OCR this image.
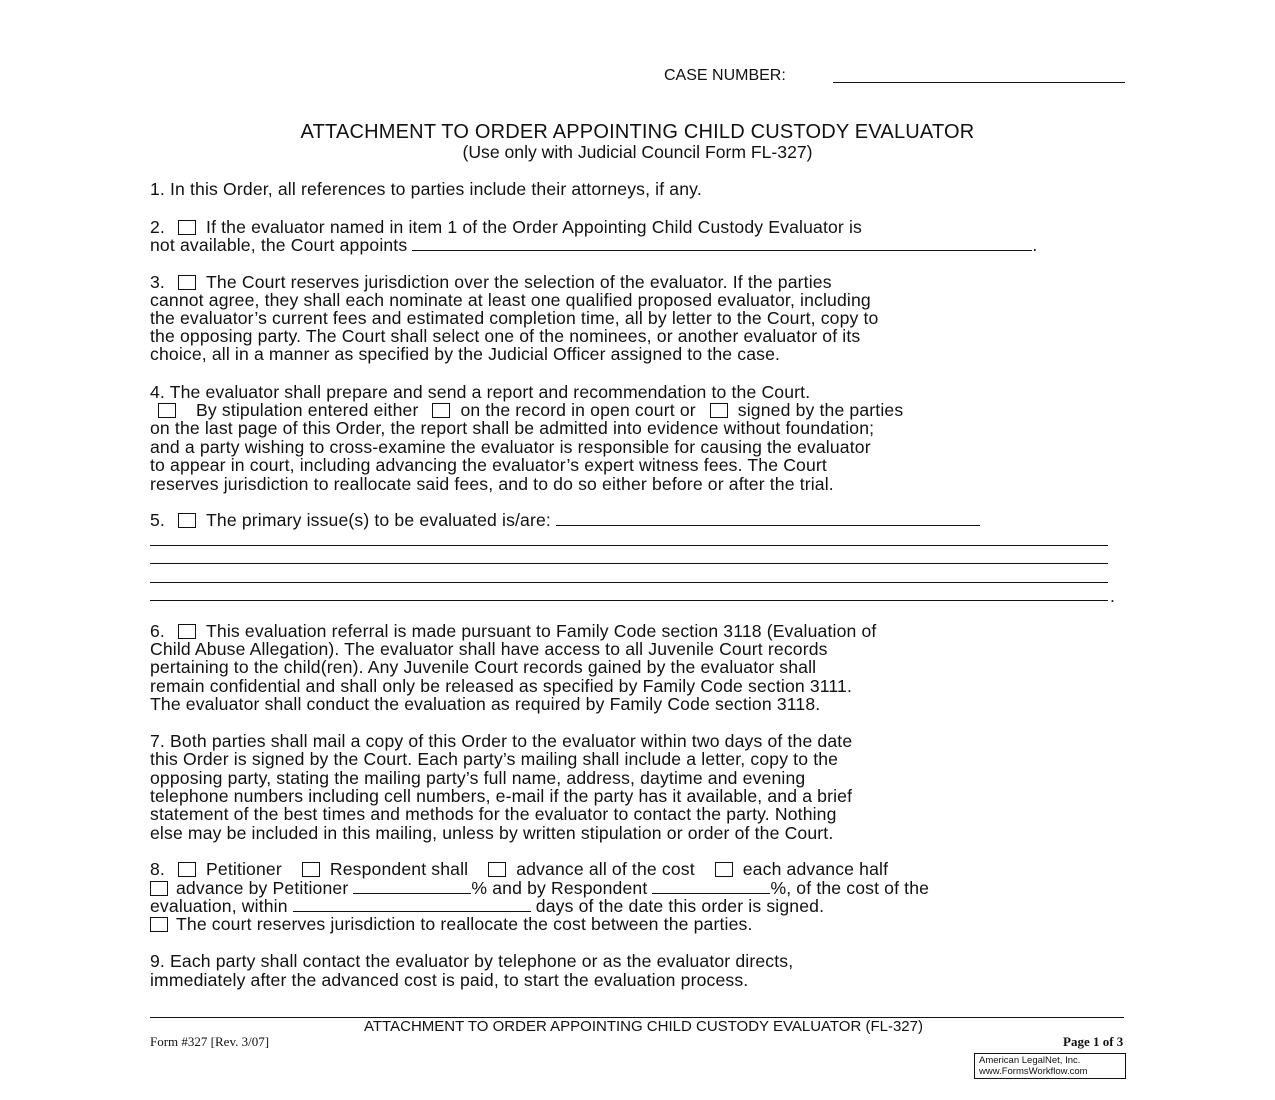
CASE NUMBER:
ATTACHMENT TO ORDER APPOINTING CHILD CUSTODY EVALUATOR
(Use only with Judicial Council Form FL-327)
1. In this Order, all references to parties include their attorneys, if any.
2. If the evaluator named in item 1 of the Order Appointing Child Custody Evaluator is
not available, the Court appoints	.
3. The Court reserves jurisdiction over the selection of the evaluator. If the parties
cannot agree, they shall each nominate at least one qualified proposed evaluator, including
the evaluator’s current fees and estimated completion time, all by letter to the Court, copy to
the opposing party. The Court shall select one of the nominees, or another evaluator of its
choice, all in a manner as specified by the Judicial Officer assigned to the case.
4. The evaluator shall prepare and send a report and recommendation to the Court.
By stipulation entered either on the record in open court or signed by the parties
on the last page of this Order, the report shall be admitted into evidence without foundation;
and a party wishing to cross-examine the evaluator is responsible for causing the evaluator
to appear in court, including advancing the evaluator’s expert witness fees. The Court
reserves jurisdiction to reallocate said fees, and to do so either before or after the trial.
5. The primary issue(s) to be evaluated is/are:
.
6. This evaluation referral is made pursuant to Family Code section 3118 (Evaluation of
Child Abuse Allegation). The evaluator shall have access to all Juvenile Court records
pertaining to the child(ren). Any Juvenile Court records gained by the evaluator shall
remain confidential and shall only be released as specified by Family Code section 3111.
The evaluator shall conduct the evaluation as required by Family Code section 3118.
7. Both parties shall mail a copy of this Order to the evaluator within two days of the date
this Order is signed by the Court. Each party’s mailing shall include a letter, copy to the
opposing party, stating the mailing party’s full name, address, daytime and evening
telephone numbers including cell numbers, e-mail if the party has it available, and a brief
statement of the best times and methods for the evaluator to contact the party. Nothing
else may be included in this mailing, unless by written stipulation or order of the Court.
8. Petitioner	Respondent shall	advance all of the cost	each advance half
advance by Petitioner	% and by Respondent	%, of the cost of the
evaluation, within	days of the date this order is signed.
The court reserves jurisdiction to reallocate the cost between the parties.
9. Each party shall contact the evaluator by telephone or as the evaluator directs,
immediately after the advanced cost is paid, to start the evaluation process.
ATTACHMENT TO ORDER APPOINTING CHILD CUSTODY EVALUATOR (FL-327)
Form #327 [Rev. 3/07]	Page 1 of 3
American LegalNet, Inc.
www.FormsWorkflow.com
